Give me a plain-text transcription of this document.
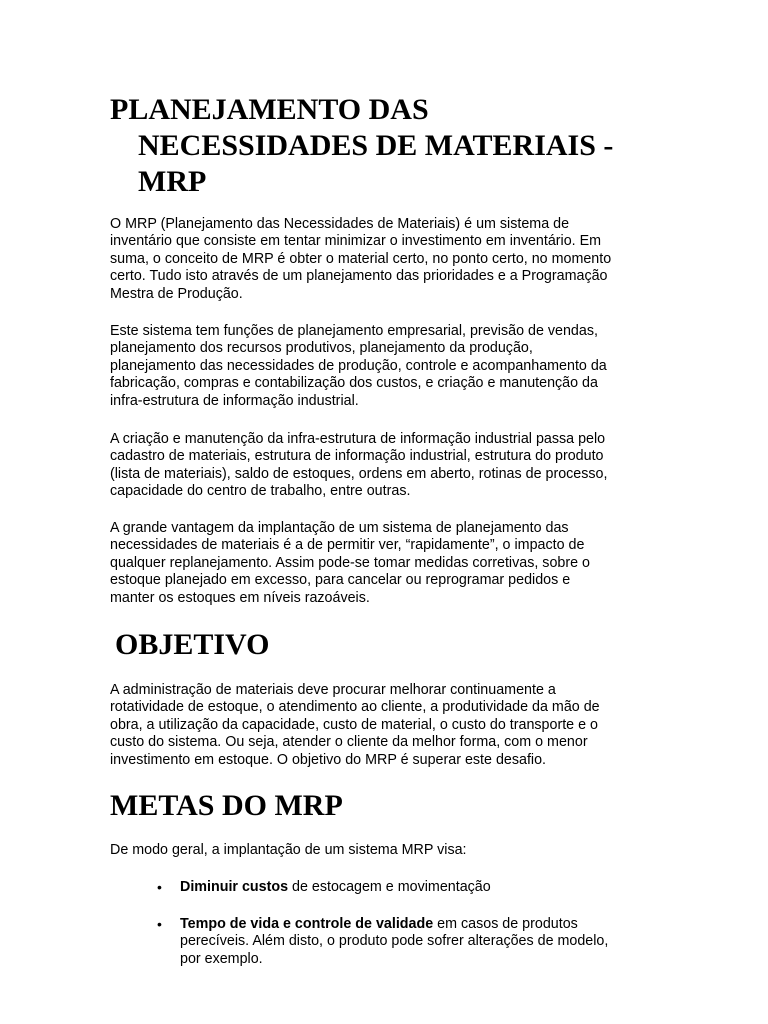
PLANEJAMENTO DAS
NECESSIDADES DE MATERIAIS -
MRP

O MRP (Planejamento das Necessidades de Materiais) é um sistema de
inventário que consiste em tentar minimizar o investimento em inventário. Em
suma, o conceito de MRP é obter o material certo, no ponto certo, no momento
certo. Tudo isto através de um planejamento das prioridades e a Programação
Mestra de Produção.

Este sistema tem funções de planejamento empresarial, previsão de vendas,
planejamento dos recursos produtivos, planejamento da produção,
planejamento das necessidades de produção, controle e acompanhamento da
fabricação, compras e contabilização dos custos, e criação e manutenção da
infra-estrutura de informação industrial.

A criação e manutenção da infra-estrutura de informação industrial passa pelo
cadastro de materiais, estrutura de informação industrial, estrutura do produto
(lista de materiais), saldo de estoques, ordens em aberto, rotinas de processo,
capacidade do centro de trabalho, entre outras.

A grande vantagem da implantação de um sistema de planejamento das
necessidades de materiais é a de permitir ver, “rapidamente”, o impacto de
qualquer replanejamento. Assim pode-se tomar medidas corretivas, sobre o
estoque planejado em excesso, para cancelar ou reprogramar pedidos e
manter os estoques em níveis razoáveis.

OBJETIVO

A administração de materiais deve procurar melhorar continuamente a
rotatividade de estoque, o atendimento ao cliente, a produtividade da mão de
obra, a utilização da capacidade, custo de material, o custo do transporte e o
custo do sistema. Ou seja, atender o cliente da melhor forma, com o menor
investimento em estoque. O objetivo do MRP é superar este desafio.

METAS DO MRP

De modo geral, a implantação de um sistema MRP visa:

• Diminuir custos de estocagem e movimentação
• Tempo de vida e controle de validade em casos de produtos
perecíveis. Além disto, o produto pode sofrer alterações de modelo,
por exemplo.
